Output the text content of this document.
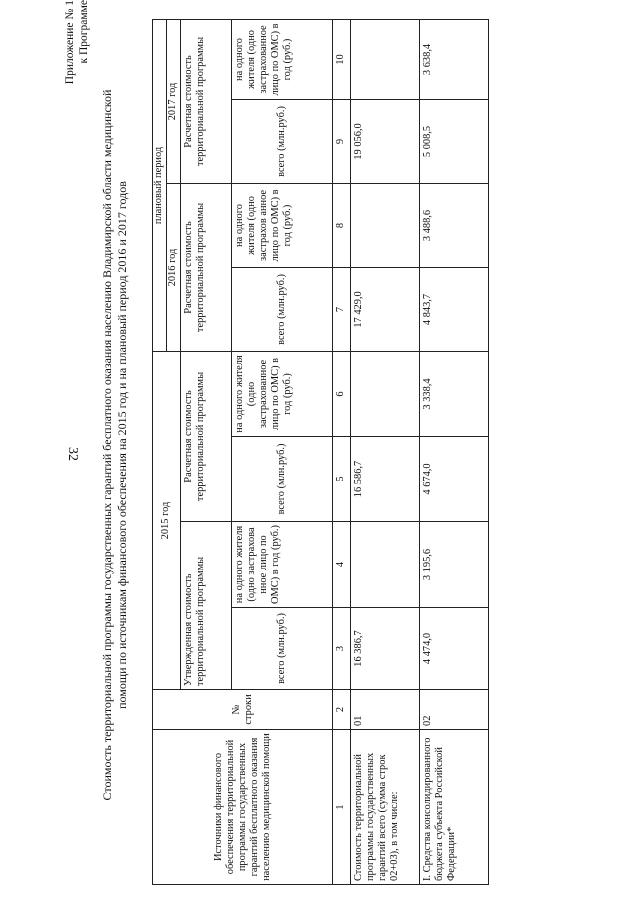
32
Приложение № 1 к Программе
Стоимость территориальной программы государственных гарантий бесплатного оказания населению Владимирской области медицинской помощи по источникам финансового обеспечения на 2015 год и на плановый период 2016 и 2017 годов
Источники финансового обеспечения территориальной программы государственных гарантий бесплатного оказания населению медицинской помощи	№ строки	2015 год				плановый период			
						2016 год		2017 год	
		Утвержденная стоимость территориальной программы		Расчетная стоимость территориальной программы		Расчетная стоимость территориальной программы		Расчетная стоимость территориальной программы	
		всего (млн.руб.)	на одного жителя (одно застрахова нное лицо по ОМС) в год (руб.)	всего (млн.руб.)	на одного жителя (одно застрахованное лицо по ОМС) в год (руб.)	всего (млн.руб.)	на одного жителя (одно застрахов анное лицо по ОМС) в год (руб.)	всего (млн.руб.)	на одного жителя (одно застрахованное лицо по ОМС) в год (руб.)
1	2	3	4	5	6	7	8	9	10
Стоимость территориальной программы государственных гарантий всего (сумма строк 02+03), в том числе:	01	16 386,7		16 586,7		17 429,0		19 056,0	
I. Средства консолидированного бюджета субъекта Российской Федерации*	02	4 474,0	3 195,6	4 674,0	3 338,4	4 843,7	3 488,6	5 008,5	3 638,4
